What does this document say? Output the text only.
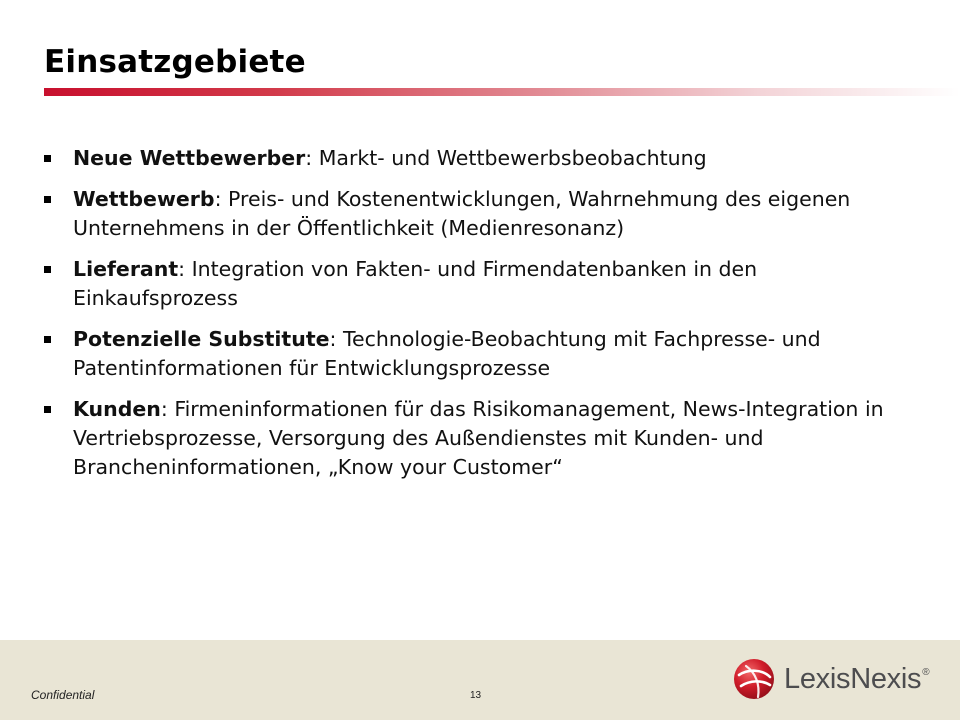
Einsatzgebiete
Neue Wettbewerber: Markt- und Wettbewerbsbeobachtung
Wettbewerb: Preis- und Kostenentwicklungen, Wahrnehmung des eigenen Unternehmens in der Öffentlichkeit (Medienresonanz)
Lieferant: Integration von Fakten- und Firmendatenbanken in den Einkaufsprozess
Potenzielle Substitute: Technologie-Beobachtung mit Fachpresse- und Patentinformationen für Entwicklungsprozesse
Kunden: Firmeninformationen für das Risikomanagement, News-Integration in Vertriebsprozesse, Versorgung des Außendienstes mit Kunden- und Brancheninformationen, „Know your Customer“
Confidential	13
LexisNexis®
